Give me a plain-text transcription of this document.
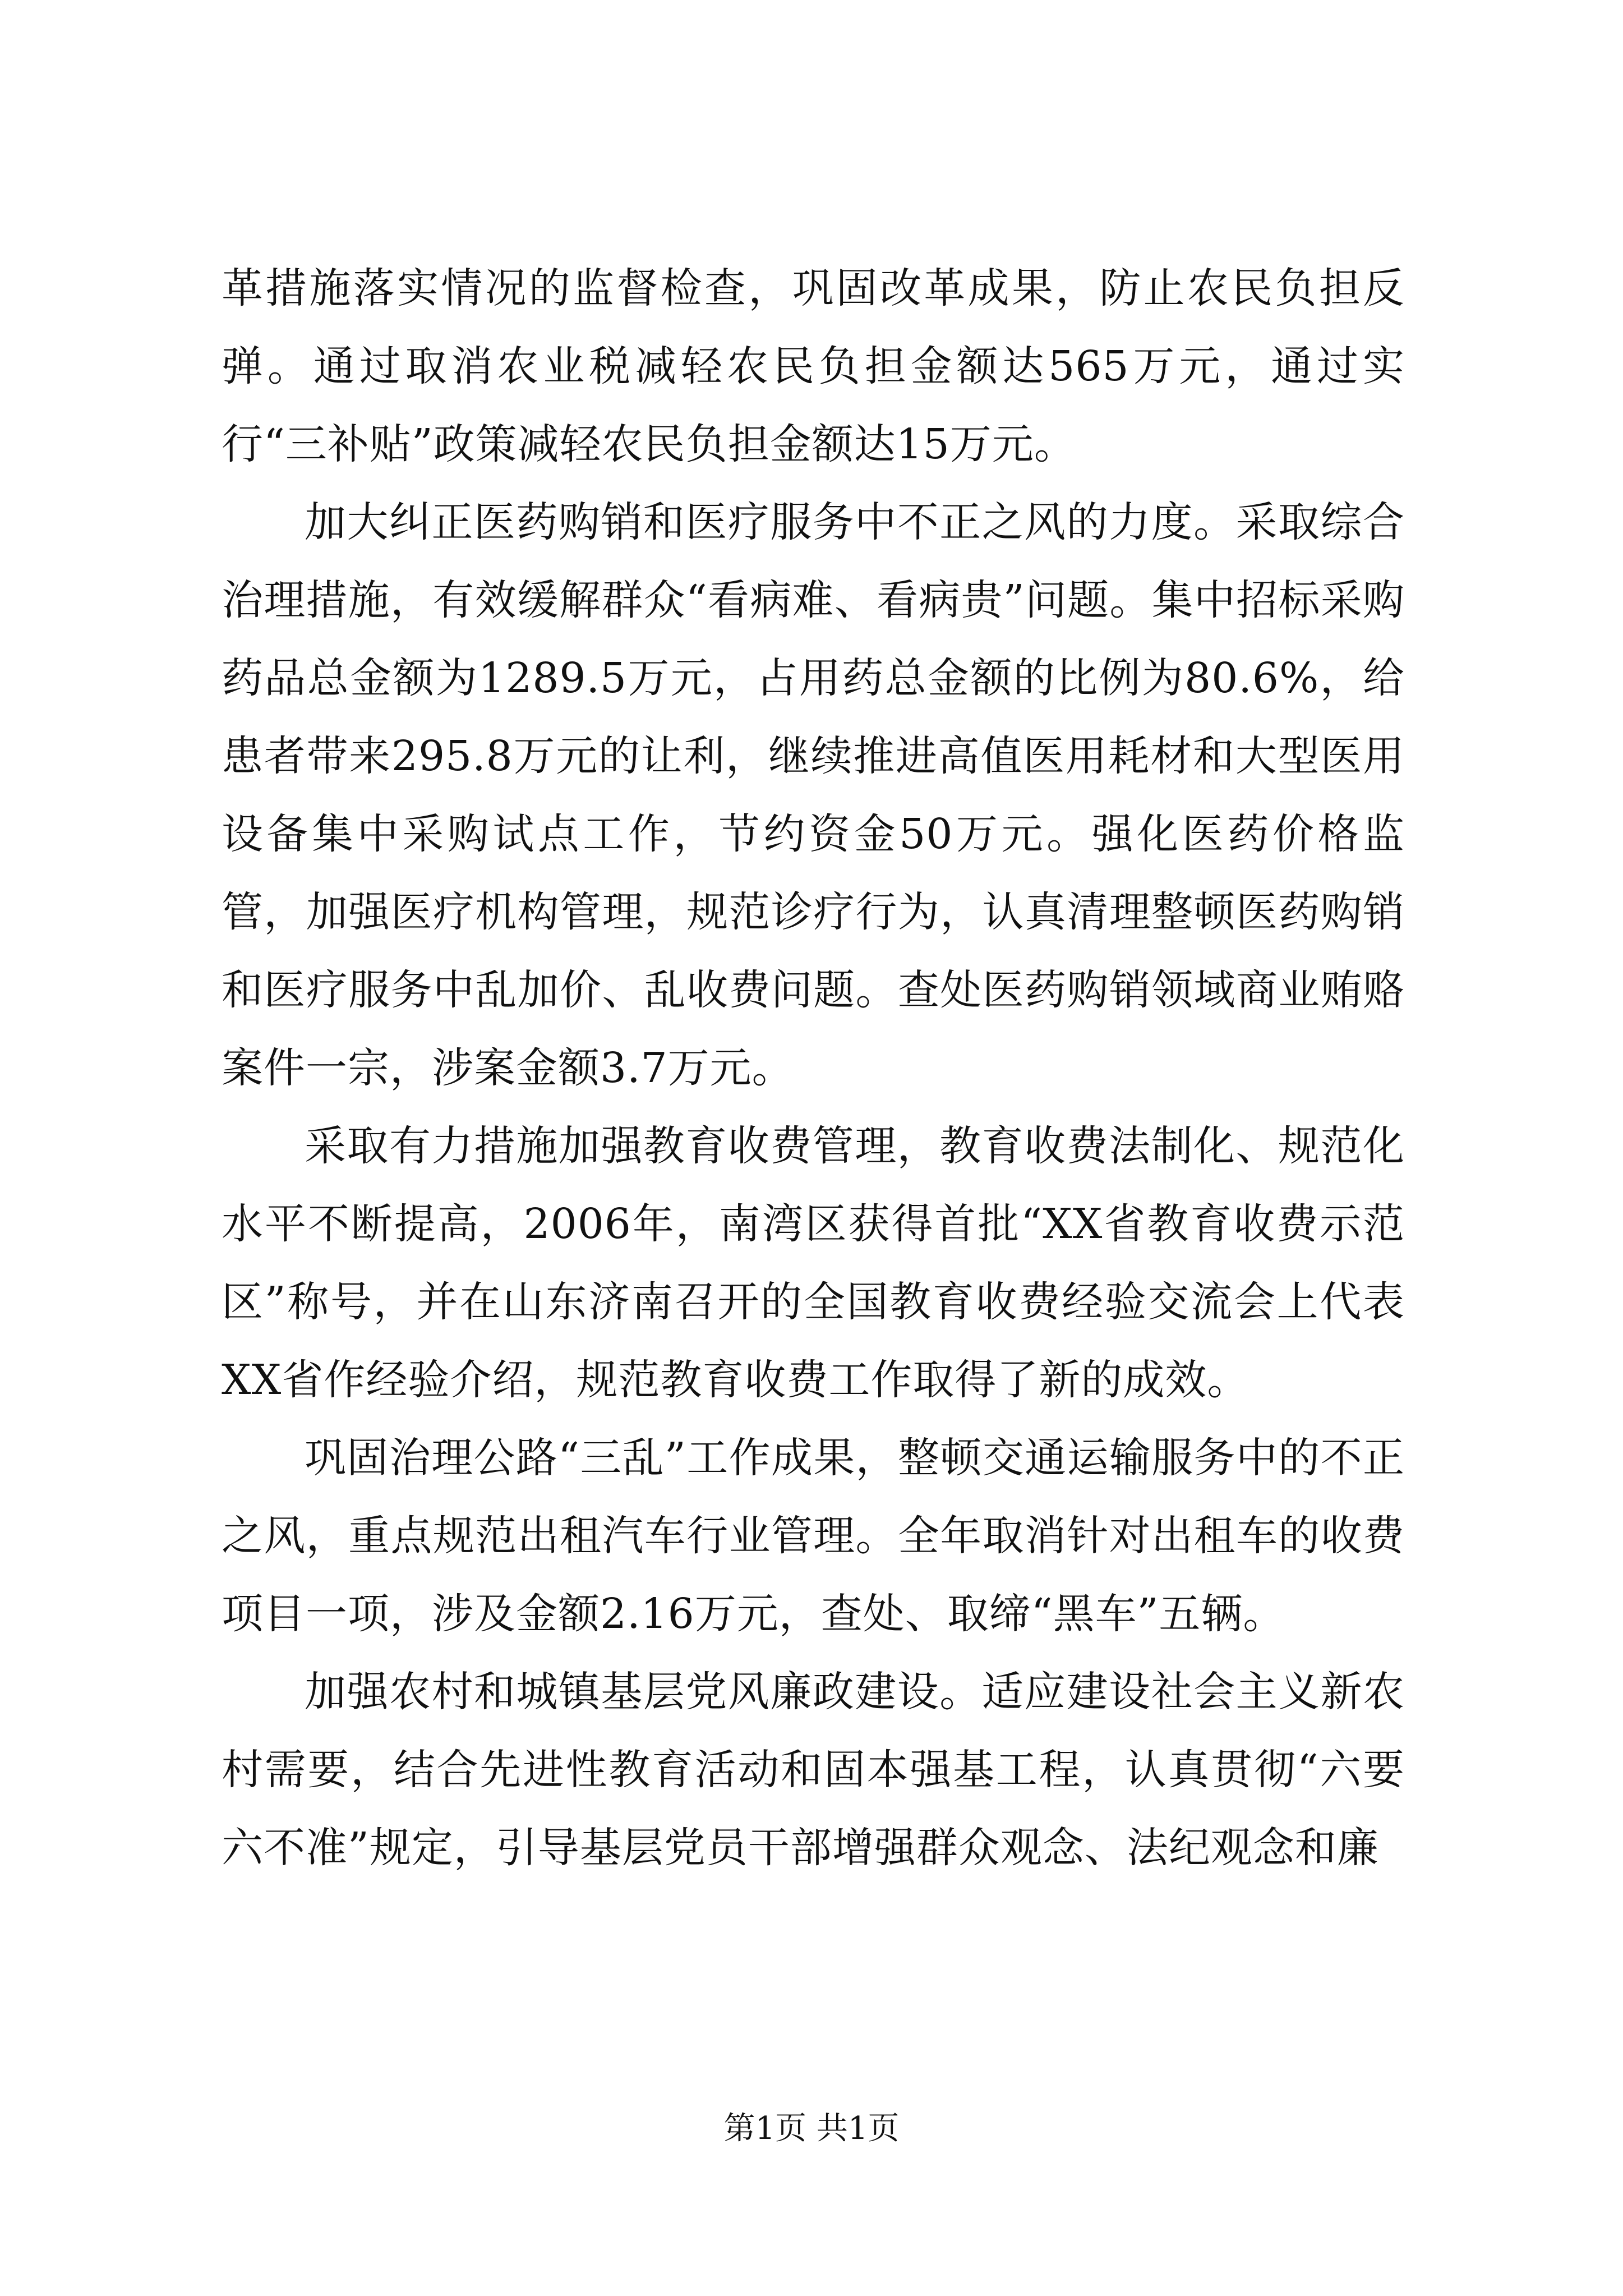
革措施落实情况的监督检查，巩固改革成果，防止农民负担反弹。通过取消农业税减轻农民负担金额达565万元，通过实行“三补贴”政策减轻农民负担金额达15万元。

加大纠正医药购销和医疗服务中不正之风的力度。采取综合治理措施，有效缓解群众“看病难、看病贵”问题。集中招标采购药品总金额为1289.5万元，占用药总金额的比例为80.6%，给患者带来295.8万元的让利，继续推进高值医用耗材和大型医用设备集中采购试点工作，节约资金50万元。强化医药价格监管，加强医疗机构管理，规范诊疗行为，认真清理整顿医药购销和医疗服务中乱加价、乱收费问题。查处医药购销领域商业贿赂案件一宗，涉案金额3.7万元。

采取有力措施加强教育收费管理，教育收费法制化、规范化水平不断提高，2006年，南湾区获得首批“XX省教育收费示范区”称号，并在山东济南召开的全国教育收费经验交流会上代表XX省作经验介绍，规范教育收费工作取得了新的成效。

巩固治理公路“三乱”工作成果，整顿交通运输服务中的不正之风，重点规范出租汽车行业管理。全年取消针对出租车的收费项目一项，涉及金额2.16万元，查处、取缔“黑车”五辆。

加强农村和城镇基层党风廉政建设。适应建设社会主义新农村需要，结合先进性教育活动和固本强基工程，认真贯彻“六要六不准”规定，引导基层党员干部增强群众观念、法纪观念和廉

第1页 共1页
